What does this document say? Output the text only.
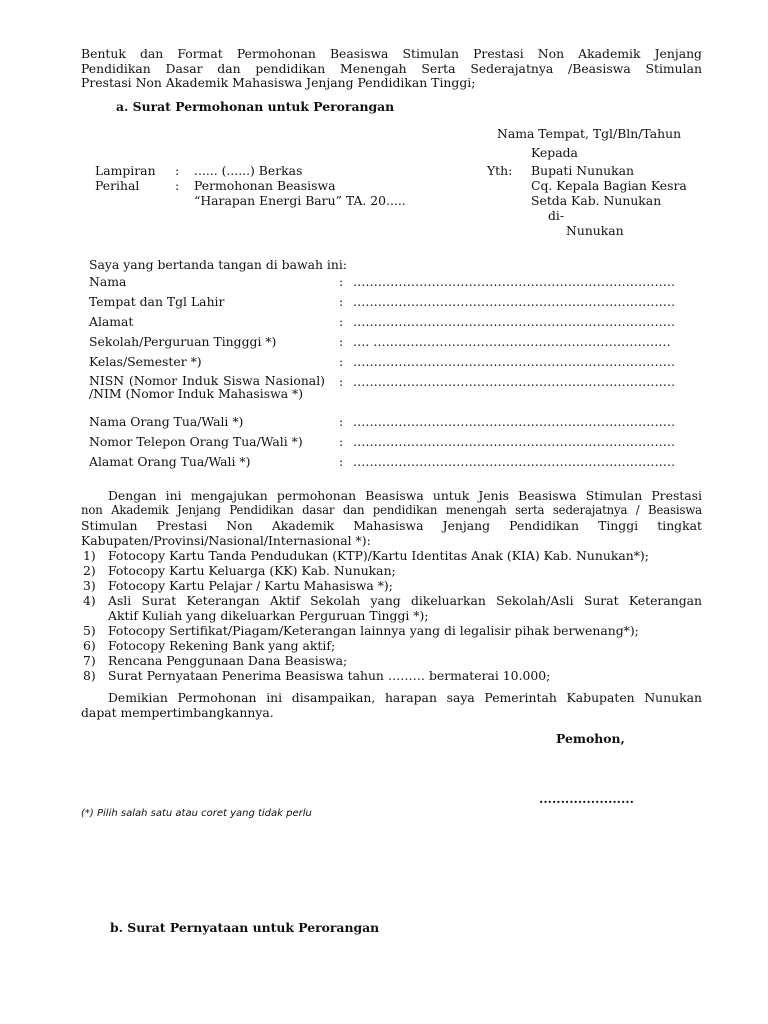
Bentuk dan Format Permohonan Beasiswa Stimulan Prestasi Non Akademik Jenjang
Pendidikan Dasar dan pendidikan Menengah Serta Sederajatnya /Beasiswa Stimulan
Prestasi Non Akademik Mahasiswa Jenjang Pendidikan Tinggi;
a. Surat Permohonan untuk Perorangan
Nama Tempat, Tgl/Bln/Tahun
Kepada
Yth: Bupati Nunukan
Cq. Kepala Bagian Kesra
Setda Kab. Nunukan
di-
Nunukan
Lampiran : ...... (......) Berkas
Perihal	: Permohonan Beasiswa
“Harapan Energi Baru” TA. 20.....
Saya yang bertanda tangan di bawah ini:
Nama	: ……………………………………………………………………
Tempat dan Tgl Lahir	: ……………………………………………………………………
Alamat	: ……………………………………………………………………
Sekolah/Perguruan Tingggi *)	: …. ………………………………………………………………
Kelas/Semester *)	: ……………………………………………………………………
NISN (Nomor Induk Siswa Nasional) /NIM (Nomor Induk Mahasiswa *)
: ……………………………………………………………………
Nama Orang Tua/Wali *)	: ……………………………………………………………………
Nomor Telepon Orang Tua/Wali *)	: ……………………………………………………………………
Alamat Orang Tua/Wali *)	: ……………………………………………………………………
Dengan ini mengajukan permohonan Beasiswa untuk Jenis Beasiswa Stimulan Prestasi
non Akademik Jenjang Pendidikan dasar dan pendidikan menengah serta sederajatnya / Beasiswa
Stimulan Prestasi Non Akademik Mahasiswa Jenjang Pendidikan Tinggi tingkat
Kabupaten/Provinsi/Nasional/Internasional *):
1) Fotocopy Kartu Tanda Pendudukan (KTP)/Kartu Identitas Anak (KIA) Kab. Nunukan*);
2) Fotocopy Kartu Keluarga (KK) Kab. Nunukan;
3) Fotocopy Kartu Pelajar / Kartu Mahasiswa *);
4) Asli Surat Keterangan Aktif Sekolah yang dikeluarkan Sekolah/Asli Surat Keterangan
Aktif Kuliah yang dikeluarkan Perguruan Tinggi *);
5) Fotocopy Sertifikat/Piagam/Keterangan lainnya yang di legalisir pihak berwenang*);
6) Fotocopy Rekening Bank yang aktif;
7) Rencana Penggunaan Dana Beasiswa;
8) Surat Pernyataan Penerima Beasiswa tahun ……… bermaterai 10.000;
Demikian Permohonan ini disampaikan, harapan saya Pemerintah Kabupaten Nunukan
dapat mempertimbangkannya.
Pemohon,
......................
(*) Pilih salah satu atau coret yang tidak perlu
b. Surat Pernyataan untuk Perorangan
